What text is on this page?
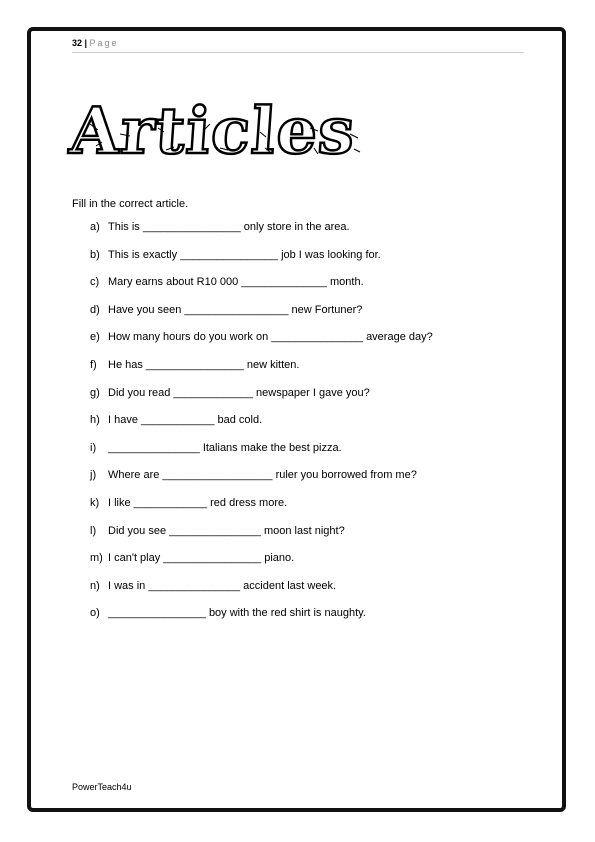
32 | Page
Articles
Fill in the correct article.
a) This is ________________ only store in the area.
b) This is exactly ________________ job I was looking for.
c) Mary earns about R10 000 ______________ month.
d) Have you seen _________________ new Fortuner?
e) How many hours do you work on _______________ average day?
f)	He has ________________ new kitten.
g) Did you read _____________ newspaper I gave you?
h) I have ____________ bad cold.
i)	_______________ Italians make the best pizza.
j)	Where are __________________ ruler you borrowed from me?
k) I like ____________ red dress more.
l)	Did you see _______________ moon last night?
m) I can't play ________________ piano.
n) I was in _______________ accident last week.
o) ________________ boy with the red shirt is naughty.
PowerTeach4u
